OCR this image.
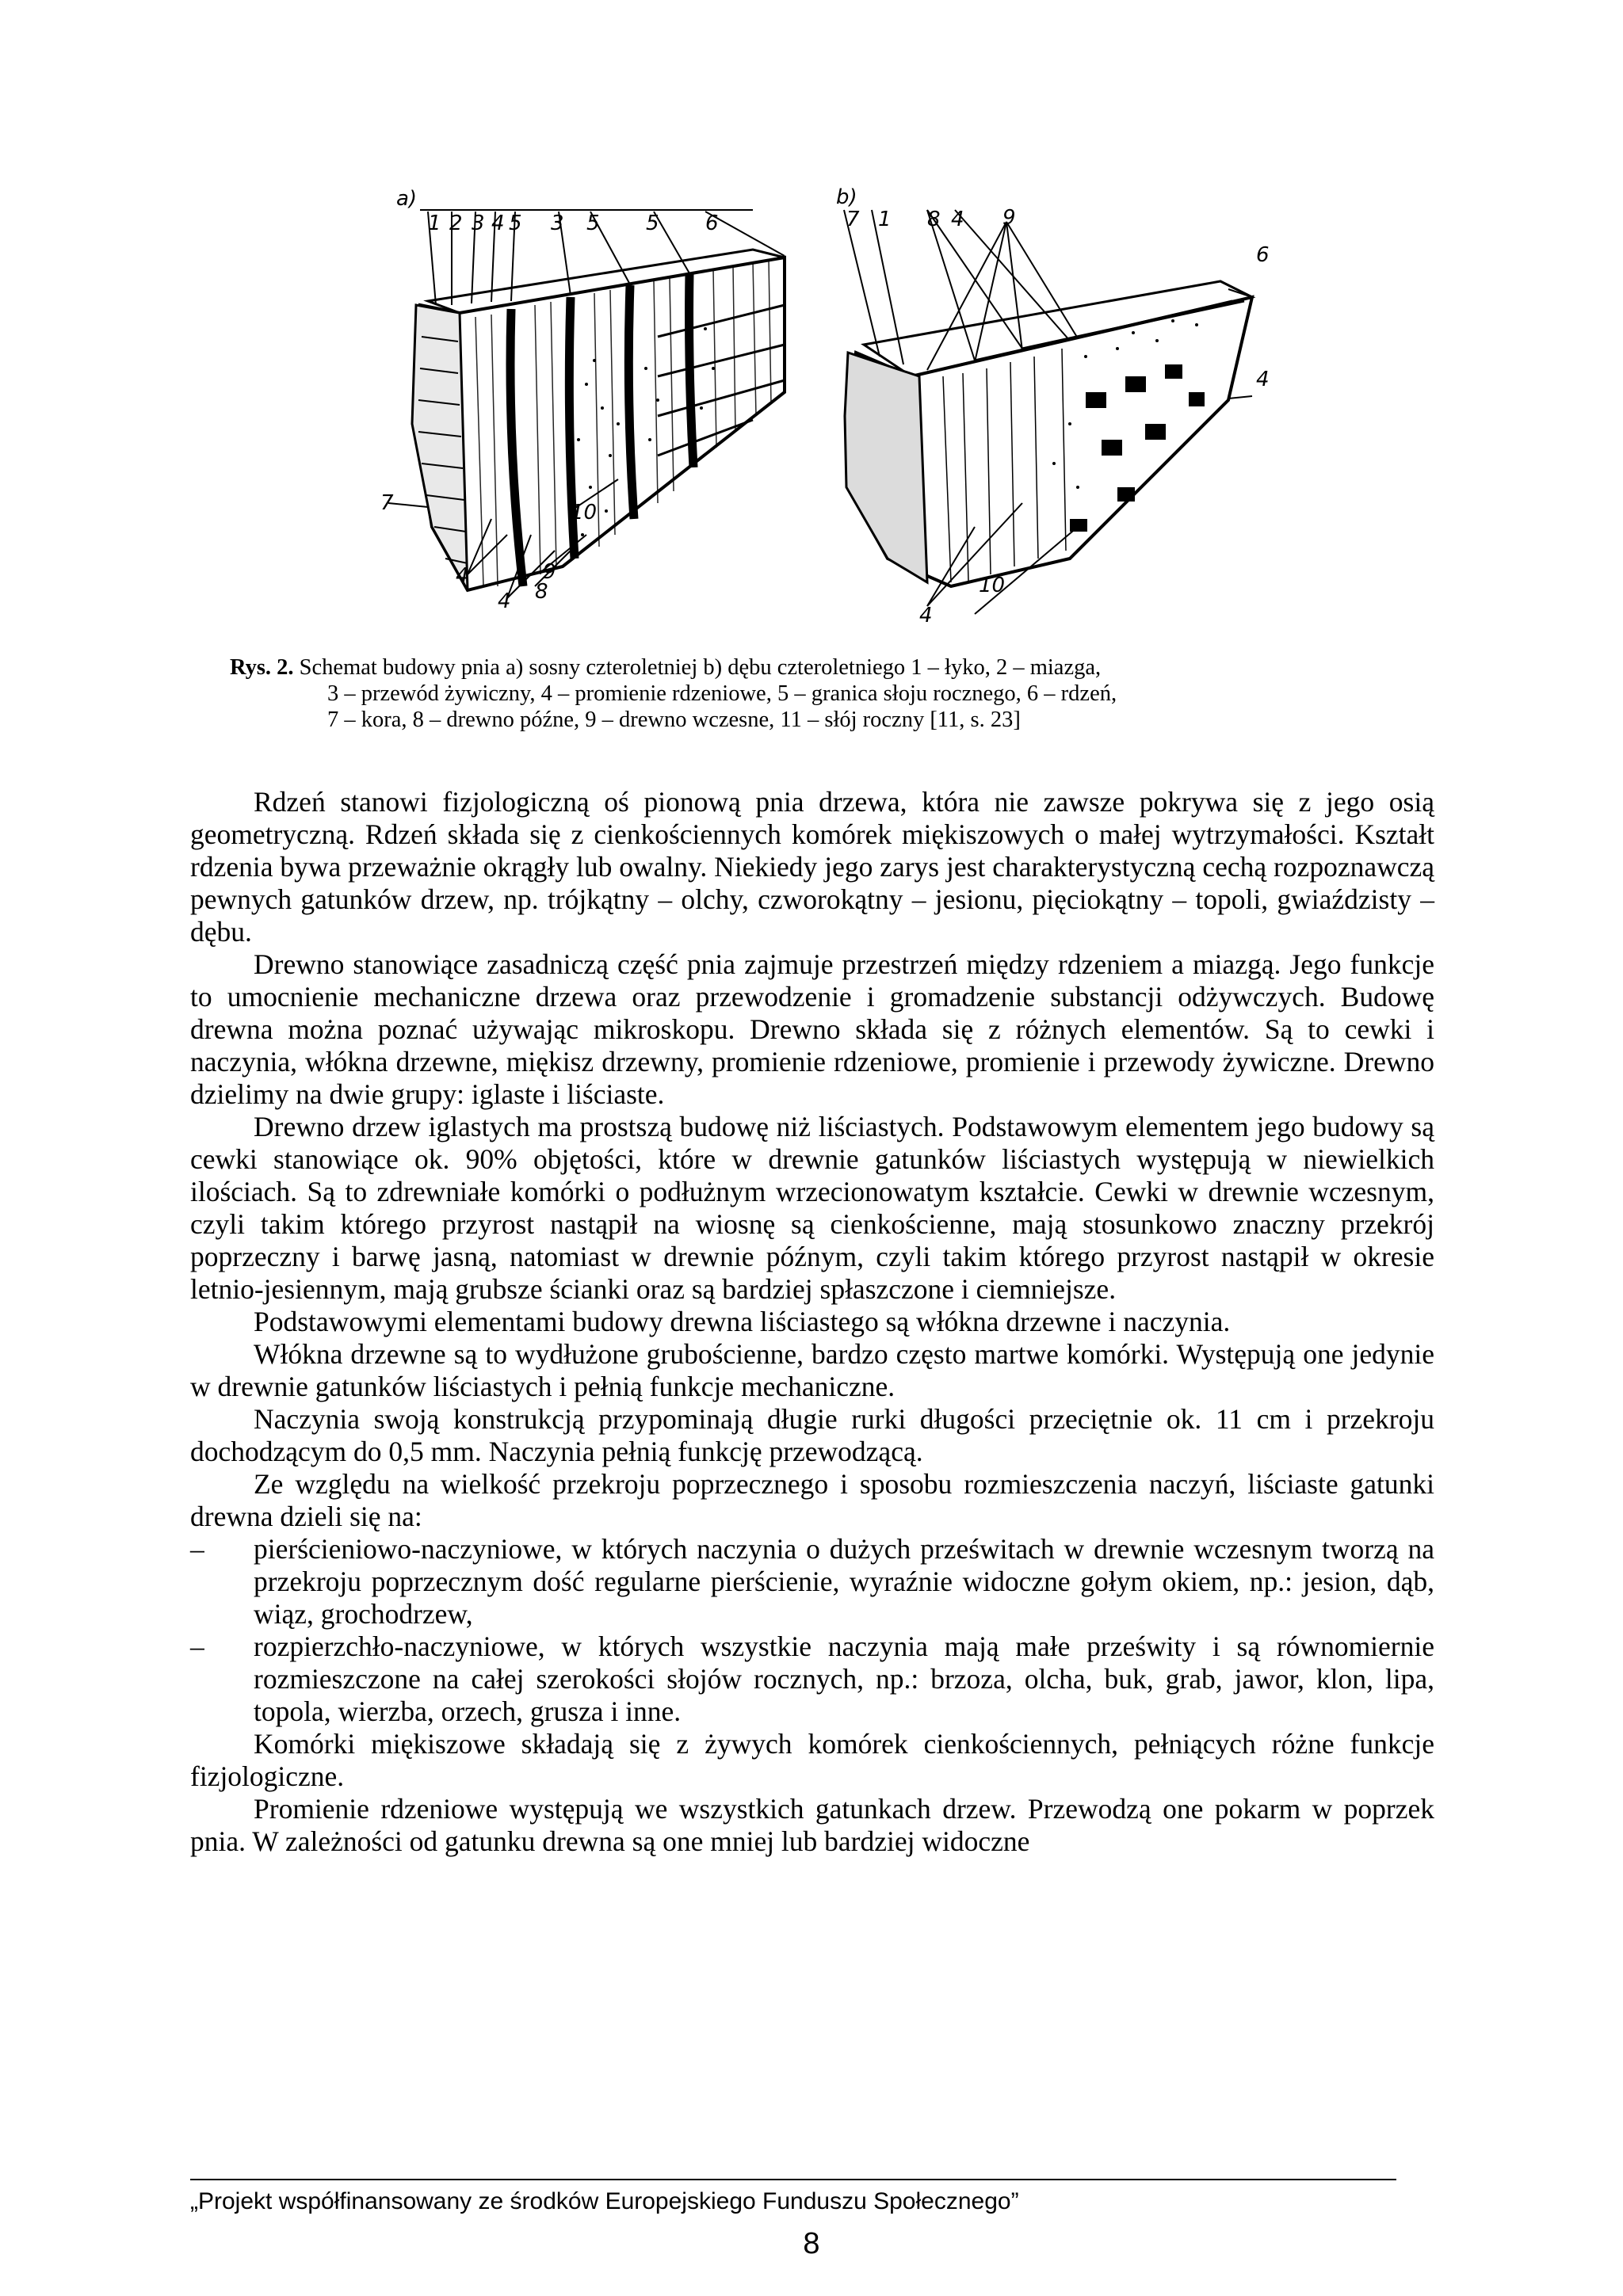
a)
1 2 3 4 5 3 5 5 6
7
4
4 8
9
10
b)
7 1 8 4 9
6
4
4
10
Rys. 2. Schemat budowy pnia a) sosny czteroletniej b) dębu czteroletniego 1 – łyko, 2 – miazga,
3 – przewód żywiczny, 4 – promienie rdzeniowe, 5 – granica słoju rocznego, 6 – rdzeń,
7 – kora, 8 – drewno późne, 9 – drewno wczesne, 11 – słój roczny [11, s. 23]

Rdzeń stanowi fizjologiczną oś pionową pnia drzewa, która nie zawsze pokrywa się z jego osią geometryczną. Rdzeń składa się z cienkościennych komórek miękiszowych o małej wytrzymałości. Kształt rdzenia bywa przeważnie okrągły lub owalny. Niekiedy jego zarys jest charakterystyczną cechą rozpoznawczą pewnych gatunków drzew, np. trójkątny – olchy, czworokątny – jesionu, pięciokątny – topoli, gwiaździsty – dębu.

Drewno stanowiące zasadniczą część pnia zajmuje przestrzeń między rdzeniem a miazgą. Jego funkcje to umocnienie mechaniczne drzewa oraz przewodzenie i gromadzenie substancji odżywczych. Budowę drewna można poznać używając mikroskopu. Drewno składa się z różnych elementów. Są to cewki i naczynia, włókna drzewne, miękisz drzewny, promienie rdzeniowe, promienie i przewody żywiczne. Drewno dzielimy na dwie grupy: iglaste i liściaste.

Drewno drzew iglastych ma prostszą budowę niż liściastych. Podstawowym elementem jego budowy są cewki stanowiące ok. 90% objętości, które w drewnie gatunków liściastych występują w niewielkich ilościach. Są to zdrewniałe komórki o podłużnym wrzecionowatym kształcie. Cewki w drewnie wczesnym, czyli takim którego przyrost nastąpił na wiosnę są cienkościenne, mają stosunkowo znaczny przekrój poprzeczny i barwę jasną, natomiast w drewnie późnym, czyli takim którego przyrost nastąpił w okresie letnio-jesiennym, mają grubsze ścianki oraz są bardziej spłaszczone i ciemniejsze.

Podstawowymi elementami budowy drewna liściastego są włókna drzewne i naczynia.

Włókna drzewne są to wydłużone grubościenne, bardzo często martwe komórki. Występują one jedynie w drewnie gatunków liściastych i pełnią funkcje mechaniczne.

Naczynia swoją konstrukcją przypominają długie rurki długości przeciętnie ok. 11 cm i przekroju dochodzącym do 0,5 mm. Naczynia pełnią funkcję przewodzącą.

Ze względu na wielkość przekroju poprzecznego i sposobu rozmieszczenia naczyń, liściaste gatunki drewna dzieli się na:

– pierścieniowo-naczyniowe, w których naczynia o dużych prześwitach w drewnie wczesnym tworzą na przekroju poprzecznym dość regularne pierścienie, wyraźnie widoczne gołym okiem, np.: jesion, dąb, wiąz, grochodrzew,
– rozpierzchło-naczyniowe, w których wszystkie naczynia mają małe prześwity i są równomiernie rozmieszczone na całej szerokości słojów rocznych, np.: brzoza, olcha, buk, grab, jawor, klon, lipa, topola, wierzba, orzech, grusza i inne.

Komórki miękiszowe składają się z żywych komórek cienkościennych, pełniących różne funkcje fizjologiczne.

Promienie rdzeniowe występują we wszystkich gatunkach drzew. Przewodzą one pokarm w poprzek pnia. W zależności od gatunku drewna są one mniej lub bardziej widoczne

„Projekt współfinansowany ze środków Europejskiego Funduszu Społecznego”
8
